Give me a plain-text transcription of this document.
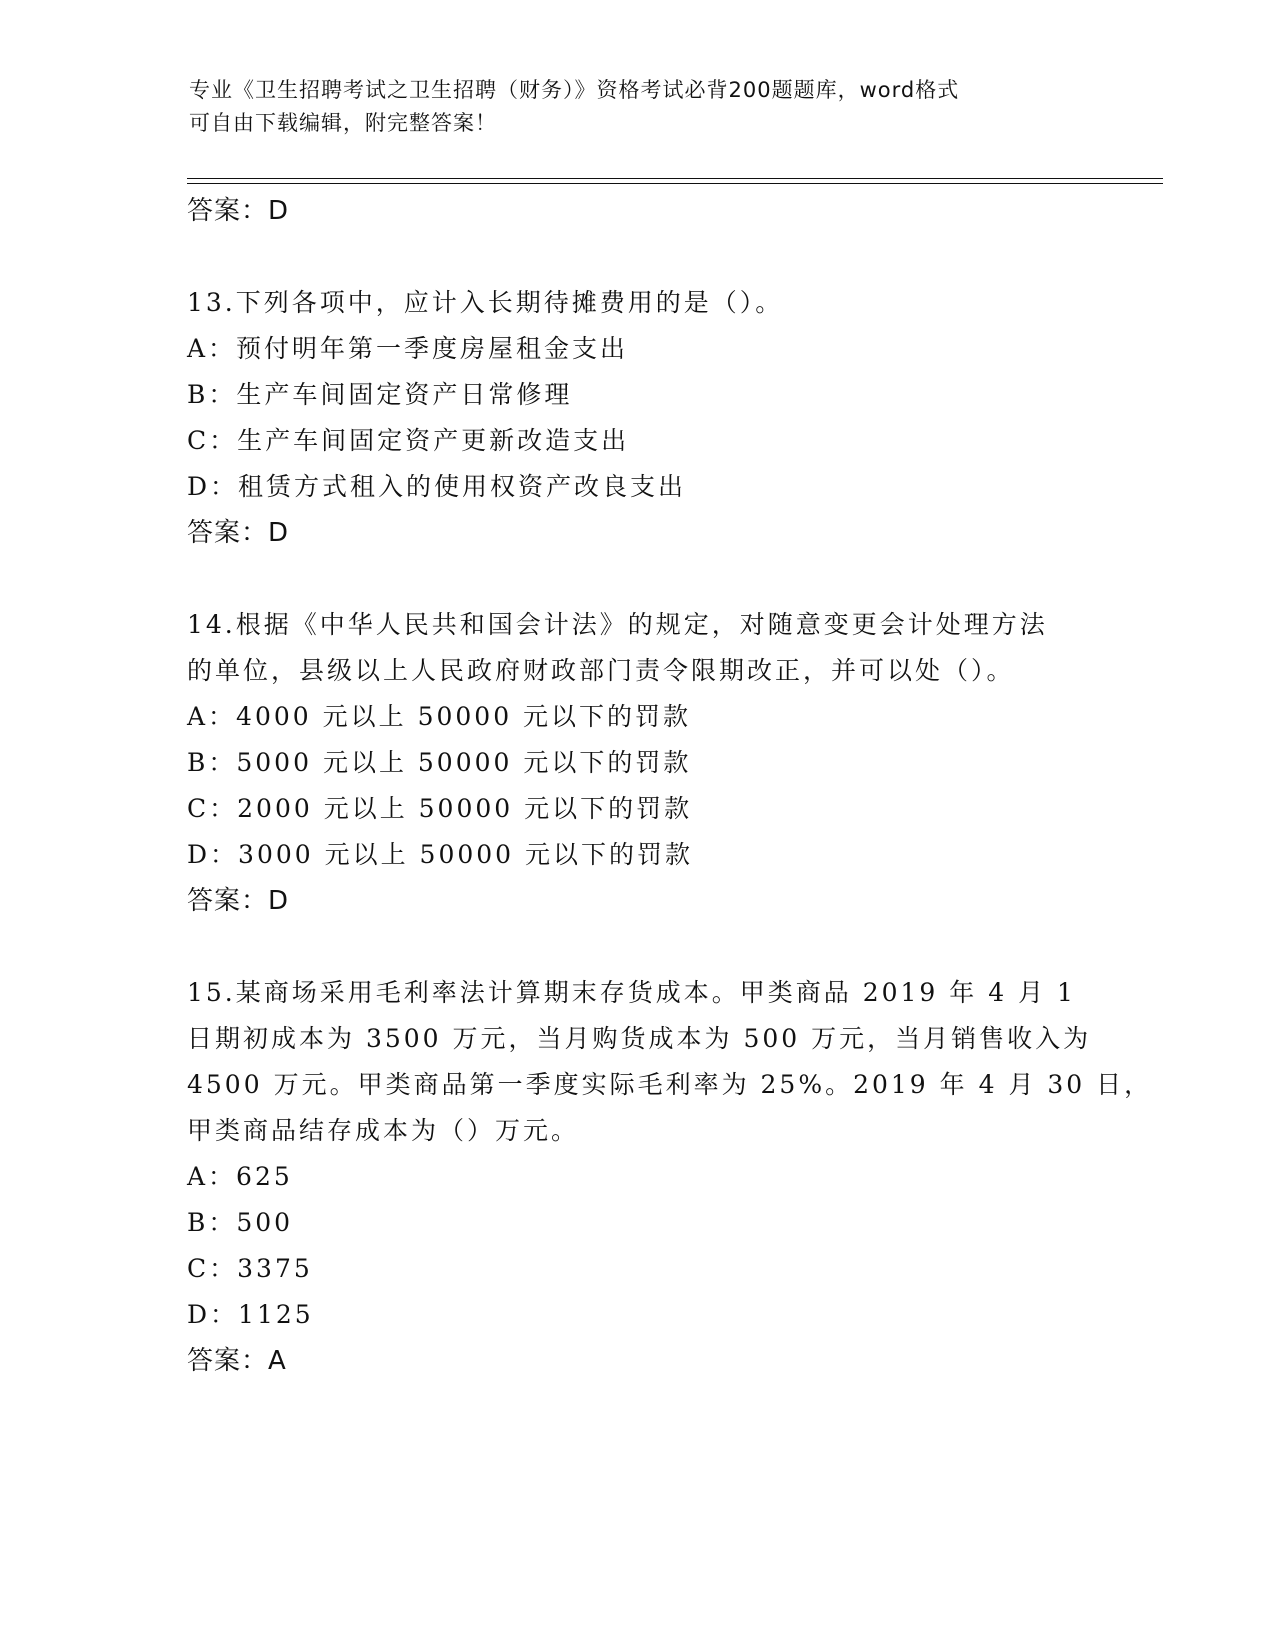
专业《卫生招聘考试之卫生招聘（财务）》资格考试必背200题题库，word格式
可自由下载编辑，附完整答案！
答案：D
13.下列各项中，应计入长期待摊费用的是（）。
A：预付明年第一季度房屋租金支出
B：生产车间固定资产日常修理
C：生产车间固定资产更新改造支出
D：租赁方式租入的使用权资产改良支出
答案：D
14.根据《中华人民共和国会计法》的规定，对随意变更会计处理方法
的单位，县级以上人民政府财政部门责令限期改正，并可以处（）。
A：4000 元以上 50000 元以下的罚款
B：5000 元以上 50000 元以下的罚款
C：2000 元以上 50000 元以下的罚款
D：3000 元以上 50000 元以下的罚款
答案：D
15.某商场采用毛利率法计算期末存货成本。甲类商品 2019 年 4 月 1
日期初成本为 3500 万元，当月购货成本为 500 万元，当月销售收入为
4500 万元。甲类商品第一季度实际毛利率为 25%。2019 年 4 月 30 日，
甲类商品结存成本为（）万元。
A：625
B：500
C：3375
D：1125
答案：A
